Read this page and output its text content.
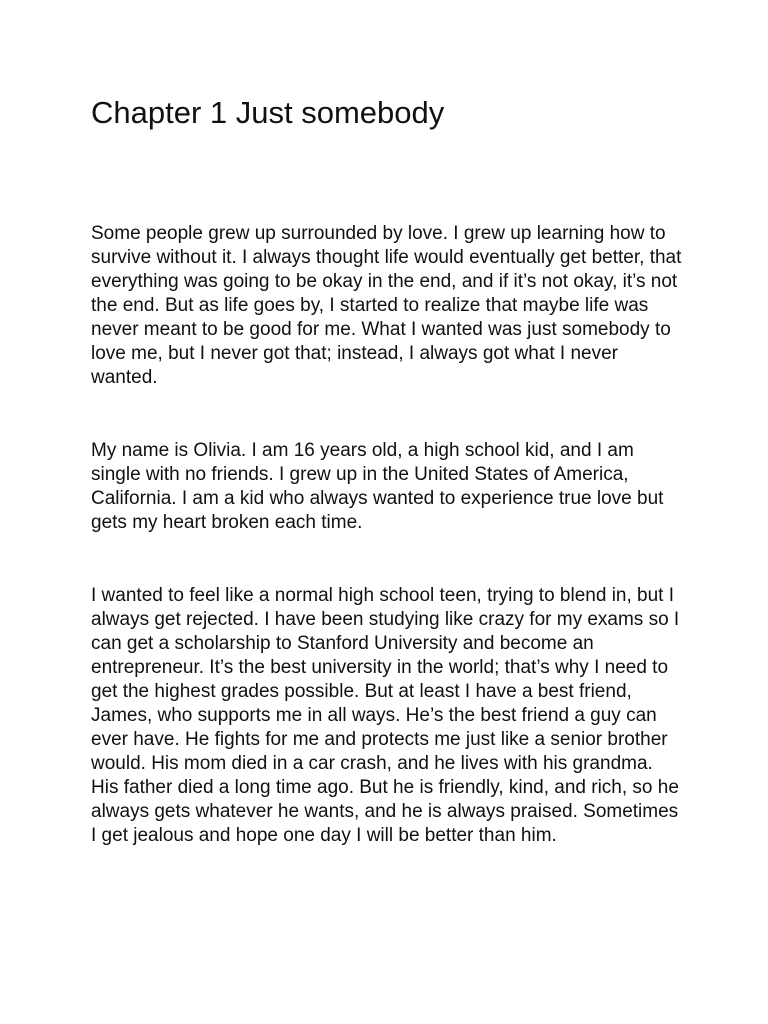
Chapter 1 Just somebody

Some people grew up surrounded by love. I grew up learning how to survive without it. I always thought life would eventually get better, that everything was going to be okay in the end, and if it’s not okay, it’s not the end. But as life goes by, I started to realize that maybe life was never meant to be good for me. What I wanted was just somebody to love me, but I never got that; instead, I always got what I never wanted.

My name is Olivia. I am 16 years old, a high school kid, and I am single with no friends. I grew up in the United States of America, California. I am a kid who always wanted to experience true love but gets my heart broken each time.

I wanted to feel like a normal high school teen, trying to blend in, but I always get rejected. I have been studying like crazy for my exams so I can get a scholarship to Stanford University and become an entrepreneur. It’s the best university in the world; that’s why I need to get the highest grades possible. But at least I have a best friend, James, who supports me in all ways. He’s the best friend a guy can ever have. He fights for me and protects me just like a senior brother would. His mom died in a car crash, and he lives with his grandma. His father died a long time ago. But he is friendly, kind, and rich, so he always gets whatever he wants, and he is always praised. Sometimes I get jealous and hope one day I will be better than him.
